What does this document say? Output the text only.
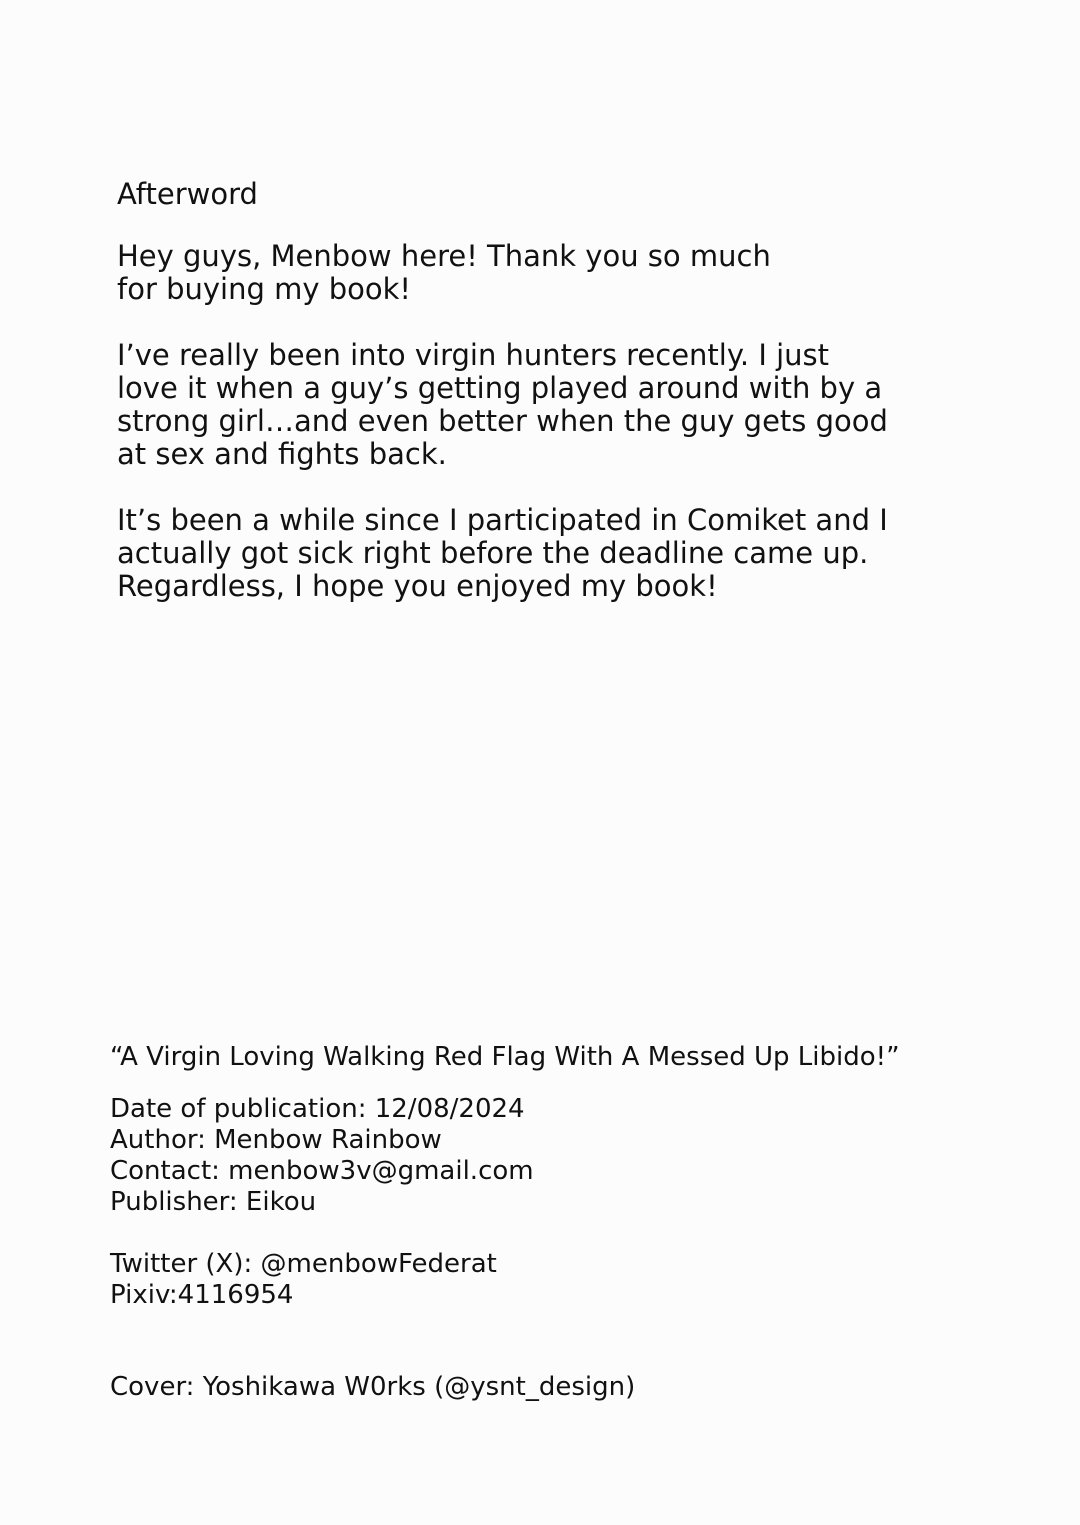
Afterword

Hey guys, Menbow here! Thank you so much
for buying my book!

I’ve really been into virgin hunters recently. I just
love it when a guy’s getting played around with by a
strong girl…and even better when the guy gets good
at sex and fights back.

It’s been a while since I participated in Comiket and I
actually got sick right before the deadline came up.
Regardless, I hope you enjoyed my book!

“A Virgin Loving Walking Red Flag With A Messed Up Libido!”
Date of publication: 12/08/2024
Author: Menbow Rainbow
Contact: menbow3v@gmail.com
Publisher: Eikou
Twitter (X): @menbowFederat
Pixiv:4116954
Cover: Yoshikawa W0rks (@ysnt_design)
